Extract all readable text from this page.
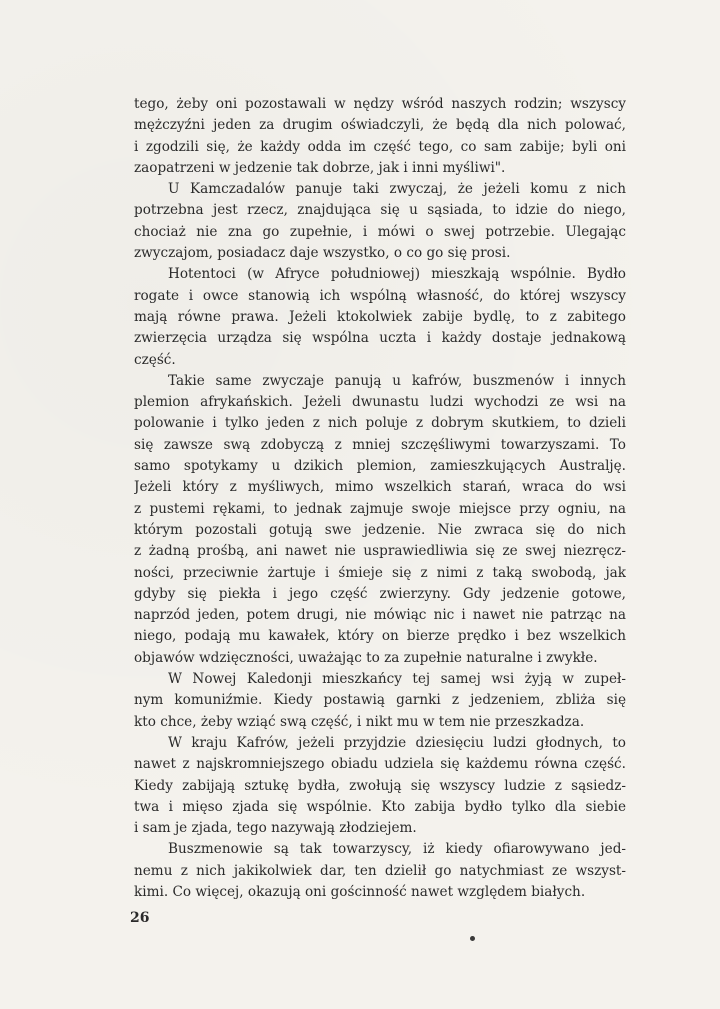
tego, żeby oni pozostawali w nędzy wśród naszych rodzin; wszyscy
mężczyźni jeden za drugim oświadczyli, że będą dla nich polować,
i zgodzili się, że każdy odda im część tego, co sam zabije; byli oni
zaopatrzeni w jedzenie tak dobrze, jak i inni myśliwi".
U Kamczadalów panuje taki zwyczaj, że jeżeli komu z nich
potrzebna jest rzecz, znajdująca się u sąsiada, to idzie do niego,
chociaż nie zna go zupełnie, i mówi o swej potrzebie. Ulegając
zwyczajom, posiadacz daje wszystko, o co go się prosi.
Hotentoci (w Afryce południowej) mieszkają wspólnie. Bydło
rogate i owce stanowią ich wspólną własność, do której wszyscy
mają równe prawa. Jeżeli ktokolwiek zabije bydlę, to z zabitego
zwierzęcia urządza się wspólna uczta i każdy dostaje jednakową
część.
Takie same zwyczaje panują u kafrów, buszmenów i innych
plemion afrykańskich. Jeżeli dwunastu ludzi wychodzi ze wsi na
polowanie i tylko jeden z nich poluje z dobrym skutkiem, to dzieli
się zawsze swą zdobyczą z mniej szczęśliwymi towarzyszami. To
samo spotykamy u dzikich plemion, zamieszkujących Australję.
Jeżeli który z myśliwych, mimo wszelkich starań, wraca do wsi
z pustemi rękami, to jednak zajmuje swoje miejsce przy ogniu, na
którym pozostali gotują swe jedzenie. Nie zwraca się do nich
z żadną prośbą, ani nawet nie usprawiedliwia się ze swej niezręcz-
ności, przeciwnie żartuje i śmieje się z nimi z taką swobodą, jak
gdyby się piekła i jego część zwierzyny. Gdy jedzenie gotowe,
naprzód jeden, potem drugi, nie mówiąc nic i nawet nie patrząc na
niego, podają mu kawałek, który on bierze prędko i bez wszelkich
objawów wdzięczności, uważając to za zupełnie naturalne i zwykłe.
W Nowej Kaledonji mieszkańcy tej samej wsi żyją w zupeł-
nym komuniźmie. Kiedy postawią garnki z jedzeniem, zbliża się
kto chce, żeby wziąć swą część, i nikt mu w tem nie przeszkadza.
W kraju Kafrów, jeżeli przyjdzie dziesięciu ludzi głodnych, to
nawet z najskromniejszego obiadu udziela się każdemu równa część.
Kiedy zabijają sztukę bydła, zwołują się wszyscy ludzie z sąsiedz-
twa i mięso zjada się wspólnie. Kto zabija bydło tylko dla siebie
i sam je zjada, tego nazywają złodziejem.
Buszmenowie są tak towarzyscy, iż kiedy ofiarowywano jed-
nemu z nich jakikolwiek dar, ten dzielił go natychmiast ze wszyst-
kimi. Co więcej, okazują oni gościnność nawet względem białych.
26
